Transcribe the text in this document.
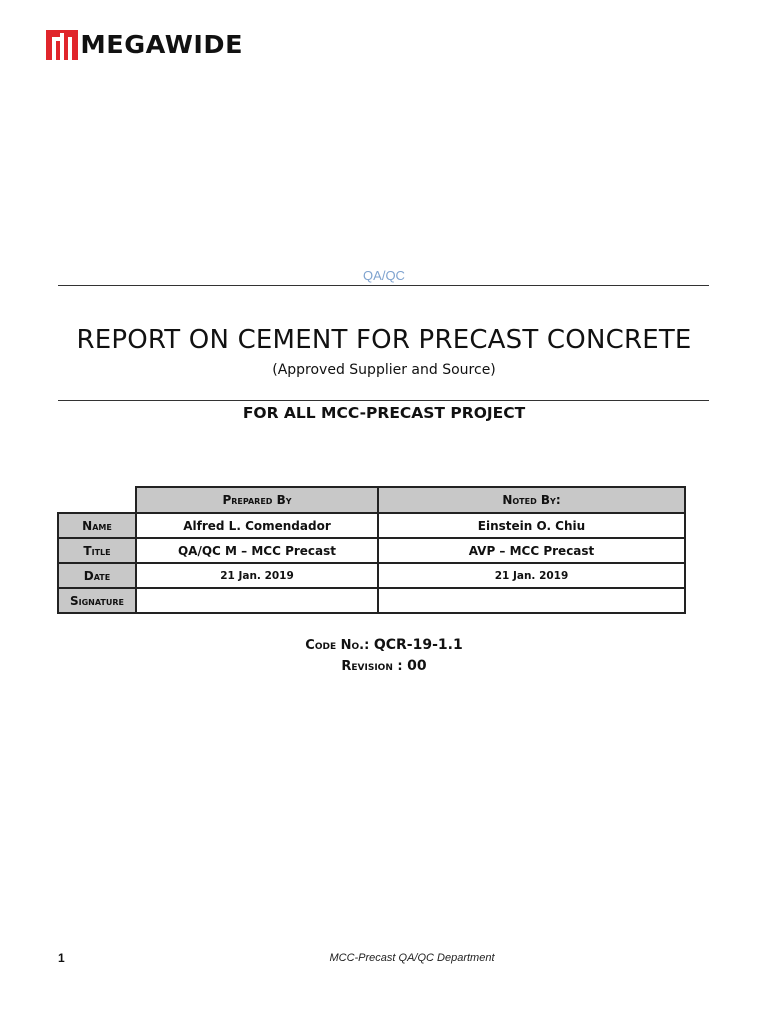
MEGAWIDE
QA/QC
REPORT ON CEMENT FOR PRECAST CONCRETE
(Approved Supplier and Source)
FOR ALL MCC-PRECAST PROJECT
	Prepared By	Noted By:
Name	Alfred L. Comendador	Einstein O. Chiu
Title	QA/QC M – MCC Precast	AVP – MCC Precast
Date	21 Jan. 2019	21 Jan. 2019
Signature		
Code No.: QCR-19-1.1
Revision : 00
1	MCC-Precast QA/QC Department
